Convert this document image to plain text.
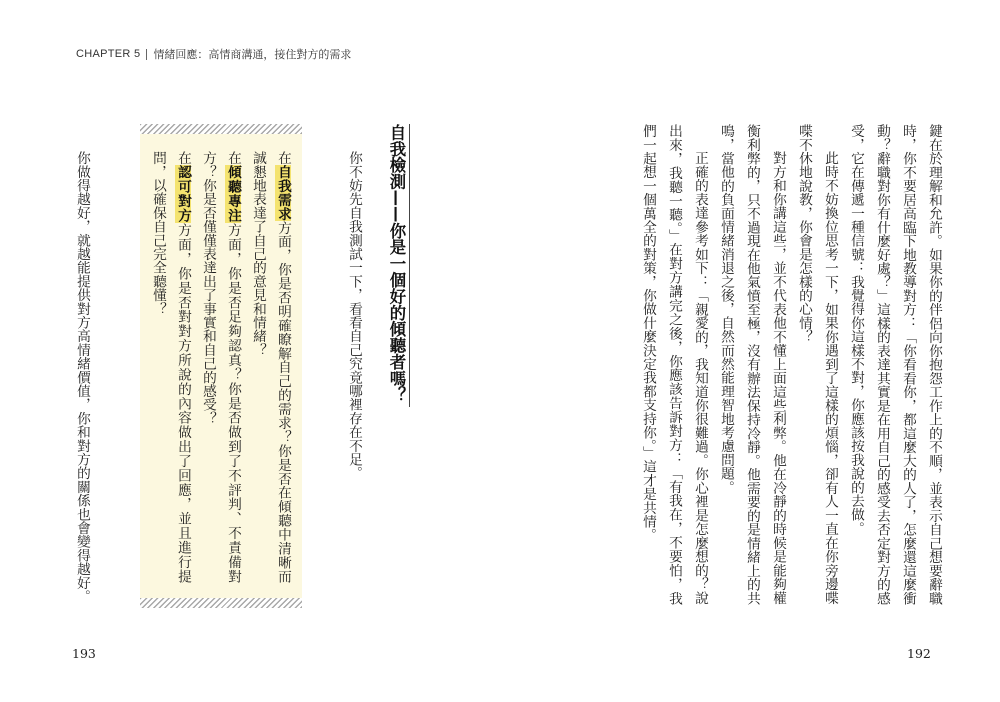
CHAPTER 5 情緒回應：高情商溝通，接住對方的需求
鍵在於理解和允許。如果你的伴侶向你抱怨工作上的不順，並表示自己想要辭職
時，你不要居高臨下地教導對方：「你看看你，都這麼大的人了，怎麼還這麼衝
動？辭職對你有什麼好處？」這樣的表達其實是在用自己的感受去否定對方的感
受，它在傳遞一種信號：我覺得你這樣不對，你應該按我說的去做。
此時不妨換位思考一下，如果你遇到了這樣的煩惱，卻有人一直在你旁邊喋
喋不休地說教，你會是怎樣的心情？
對方和你講這些，並不代表他不懂上面這些利弊。他在冷靜的時候是能夠權
衡利弊的，只不過現在他氣憤至極，沒有辦法保持冷靜。他需要的是情緒上的共
鳴，當他的負面情緒消退之後，自然而然能理智地考慮問題。
正確的表達參考如下：「親愛的，我知道你很難過。你心裡是怎麼想的？說
出來，我聽一聽。」在對方講完之後，你應該告訴對方：「有我在，不要怕，我
們一起想一個萬全的對策，你做什麼決定我都支持你。」這才是共情。
192
自我檢測——你是一個好的傾聽者嗎？
你不妨先自我測試一下，看看自己究竟哪裡存在不足。
在自我需求方面，你是否明確瞭解自己的需求？你是否在傾聽中清晰而
誠懇地表達了自己的意見和情緒？
在傾聽專注方面，你是否足夠認真？你是否做到了不評判、不責備對
方？你是否僅僅表達出了事實和自己的感受？
在認可對方方面，你是否對對方所說的內容做出了回應，並且進行提
問，以確保自己完全聽懂？
你做得越好，就越能提供對方高情緒價值，你和對方的關係也會變得越好。
193
